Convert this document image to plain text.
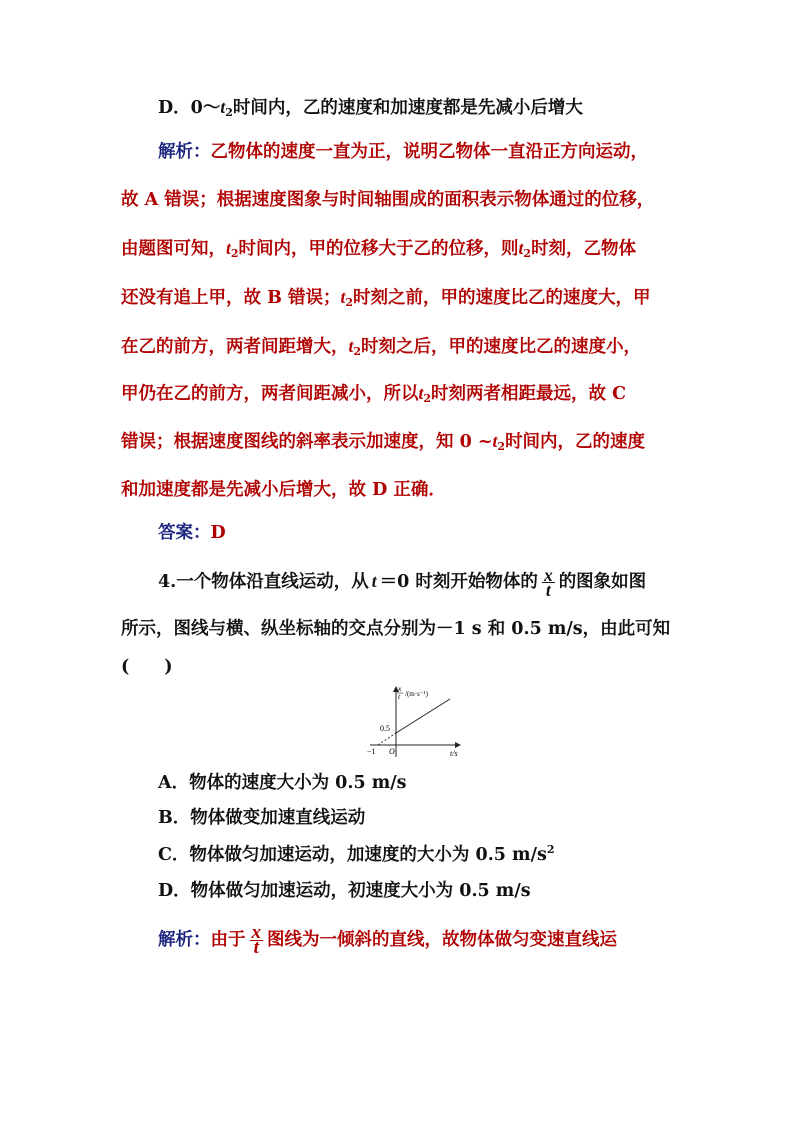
D．$0\sim t_2$时间内，乙的速度和加速度都是先减小后增大
解析：乙物体的速度一直为正，说明乙物体一直沿正方向运动，
故 A 错误；根据速度图象与时间轴围成的面积表示物体通过的位移，
由题图可知，$t_2$时间内，甲的位移大于乙的位移，则$t_2$时刻，乙物体
还没有追上甲，故 B 错误；$t_2$时刻之前，甲的速度比乙的速度大，甲
在乙的前方，两者间距增大，$t_2$时刻之后，甲的速度比乙的速度小，
甲仍在乙的前方，两者间距减小，所以$t_2$时刻两者相距最远，故 C
错误；根据速度图线的斜率表示加速度，知 0 $\sim t_2$时间内，乙的速度
和加速度都是先减小后增大，故 D 正确．
答案：D
4.一个物体沿直线运动，从 t ＝0 时刻开始物体的 $\frac{x}{t}$ 的图象如图
所示，图线与横、纵坐标轴的交点分别为－1 s 和 0.5 m/s，由此可知
(　　)
x
t /(m·s⁻¹)
0.5
−1 O	t/s
A．物体的速度大小为 0.5 m/s
B．物体做变加速直线运动
C．物体做匀加速运动，加速度的大小为 0.5 $m/s^2$
D．物体做匀加速运动，初速度大小为 0.5 m/s
解析：由于 $\frac{x}{t}$ 图线为一倾斜的直线，故物体做匀变速直线运
